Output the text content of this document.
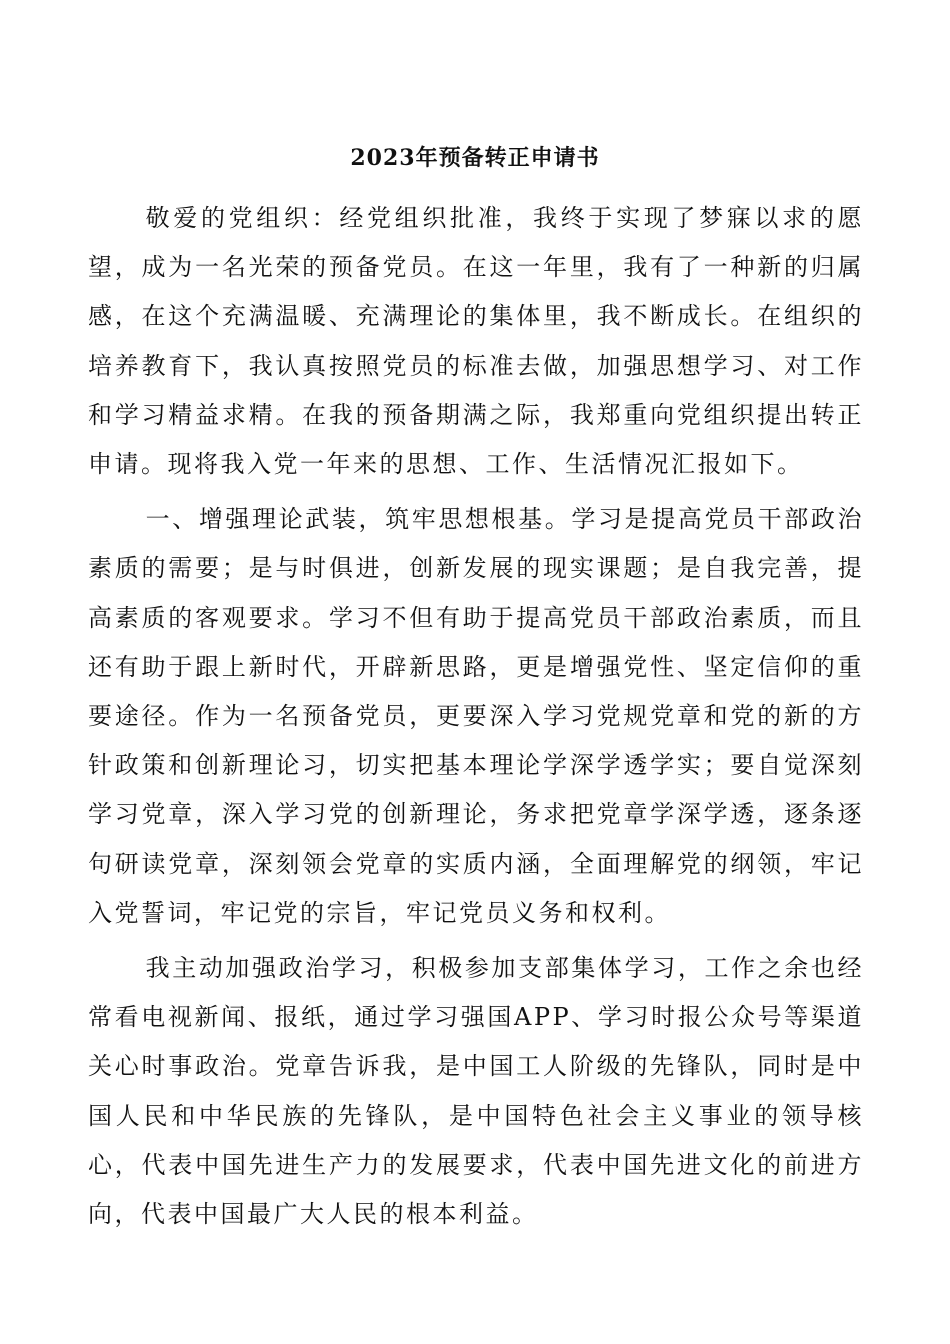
2023年预备转正申请书

敬爱的党组织：经党组织批准，我终于实现了梦寐以求的愿望，成为一名光荣的预备党员。在这一年里，我有了一种新的归属感，在这个充满温暖、充满理论的集体里，我不断成长。在组织的培养教育下，我认真按照党员的标准去做，加强思想学习、对工作和学习精益求精。在我的预备期满之际，我郑重向党组织提出转正申请。现将我入党一年来的思想、工作、生活情况汇报如下。

一、增强理论武装，筑牢思想根基。学习是提高党员干部政治素质的需要；是与时俱进，创新发展的现实课题；是自我完善，提高素质的客观要求。学习不但有助于提高党员干部政治素质，而且还有助于跟上新时代，开辟新思路，更是增强党性、坚定信仰的重要途径。作为一名预备党员，更要深入学习党规党章和党的新的方针政策和创新理论习，切实把基本理论学深学透学实；要自觉深刻学习党章，深入学习党的创新理论，务求把党章学深学透，逐条逐句研读党章，深刻领会党章的实质内涵，全面理解党的纲领，牢记入党誓词，牢记党的宗旨，牢记党员义务和权利。

我主动加强政治学习，积极参加支部集体学习，工作之余也经常看电视新闻、报纸，通过学习强国APP、学习时报公众号等渠道关心时事政治。党章告诉我，是中国工人阶级的先锋队，同时是中国人民和中华民族的先锋队，是中国特色社会主义事业的领导核心，代表中国先进生产力的发展要求，代表中国先进文化的前进方向，代表中国最广大人民的根本利益。
